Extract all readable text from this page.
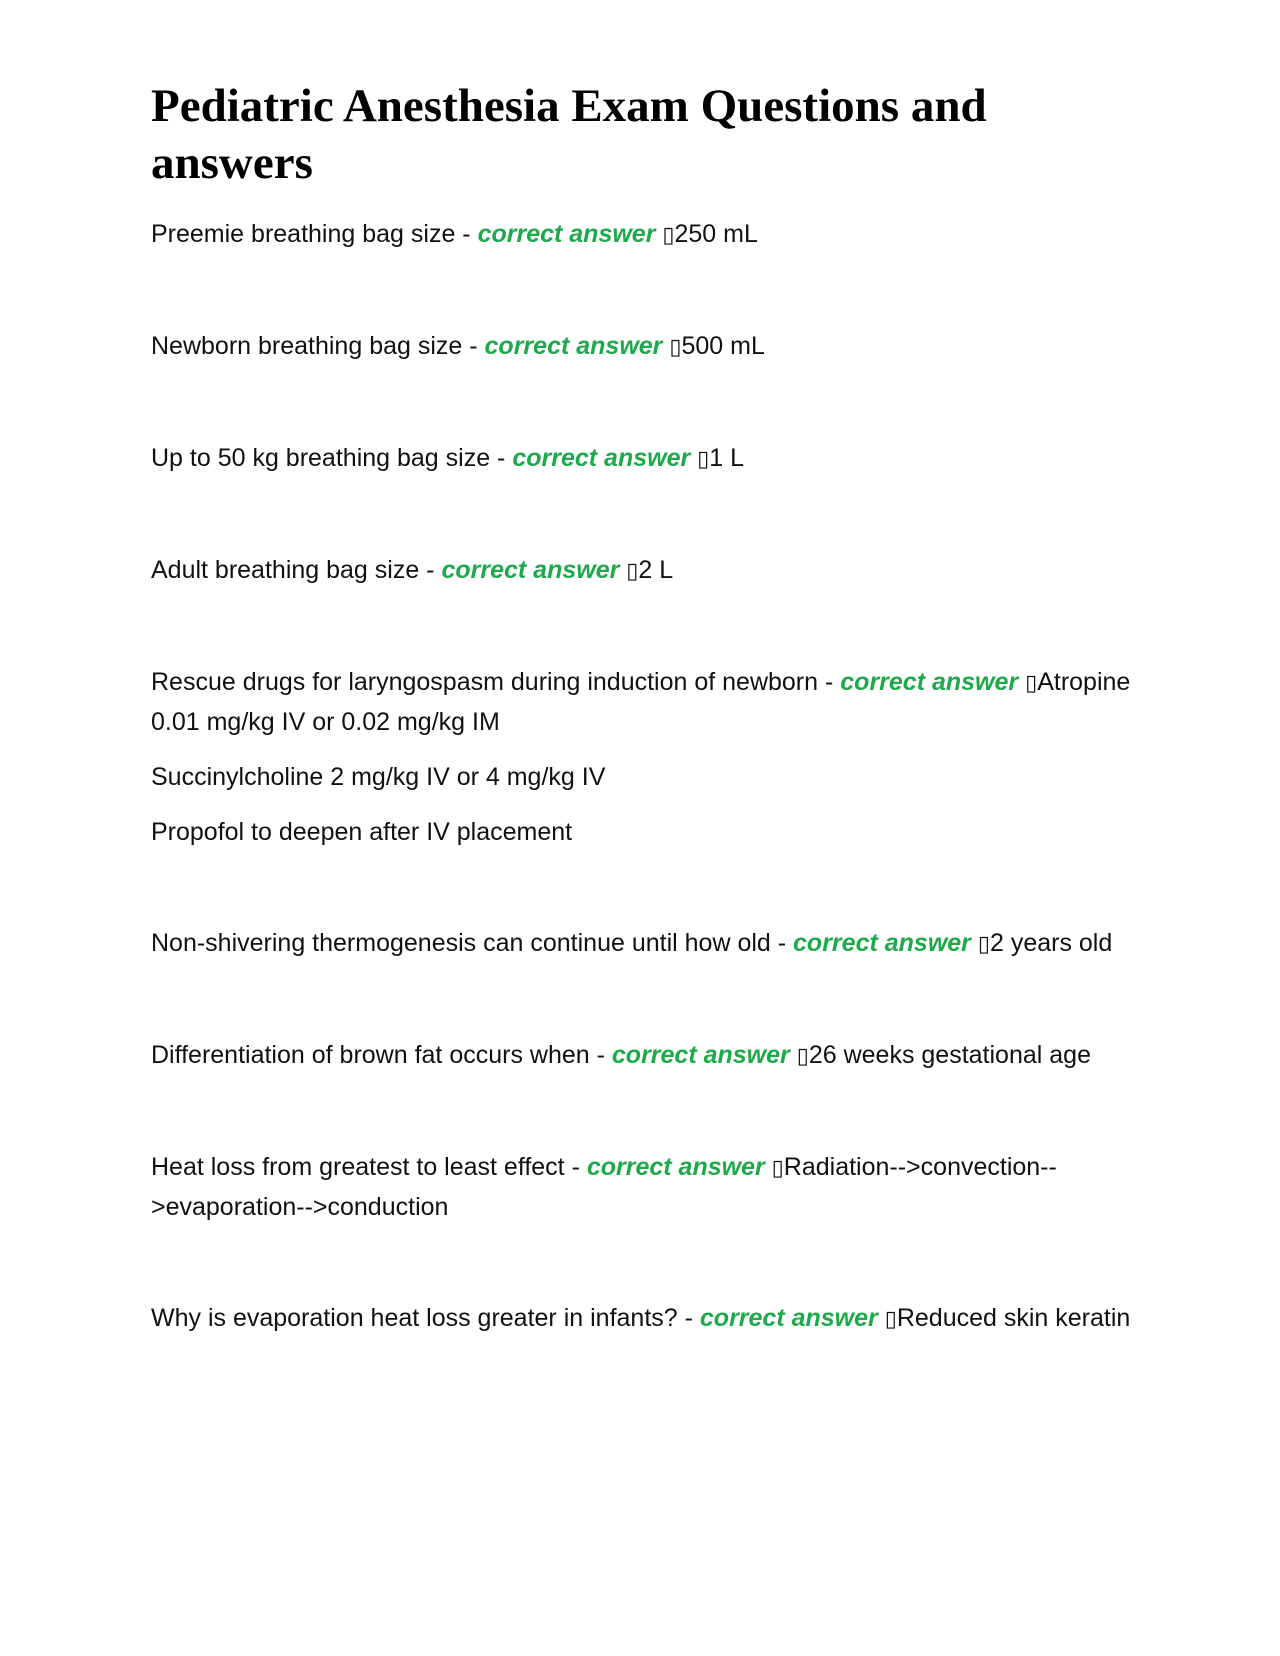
Pediatric Anesthesia Exam Questions and answers

Preemie breathing bag size - correct answer ▯250 mL

Newborn breathing bag size - correct answer ▯500 mL

Up to 50 kg breathing bag size - correct answer ▯1 L

Adult breathing bag size - correct answer ▯2 L

Rescue drugs for laryngospasm during induction of newborn - correct answer ▯Atropine 0.01 mg/kg IV or 0.02 mg/kg IM

Succinylcholine 2 mg/kg IV or 4 mg/kg IV

Propofol to deepen after IV placement

Non-shivering thermogenesis can continue until how old - correct answer ▯2 years old

Differentiation of brown fat occurs when - correct answer ▯26 weeks gestational age

Heat loss from greatest to least effect - correct answer ▯Radiation-->convection-->evaporation-->conduction

Why is evaporation heat loss greater in infants? - correct answer ▯Reduced skin keratin
